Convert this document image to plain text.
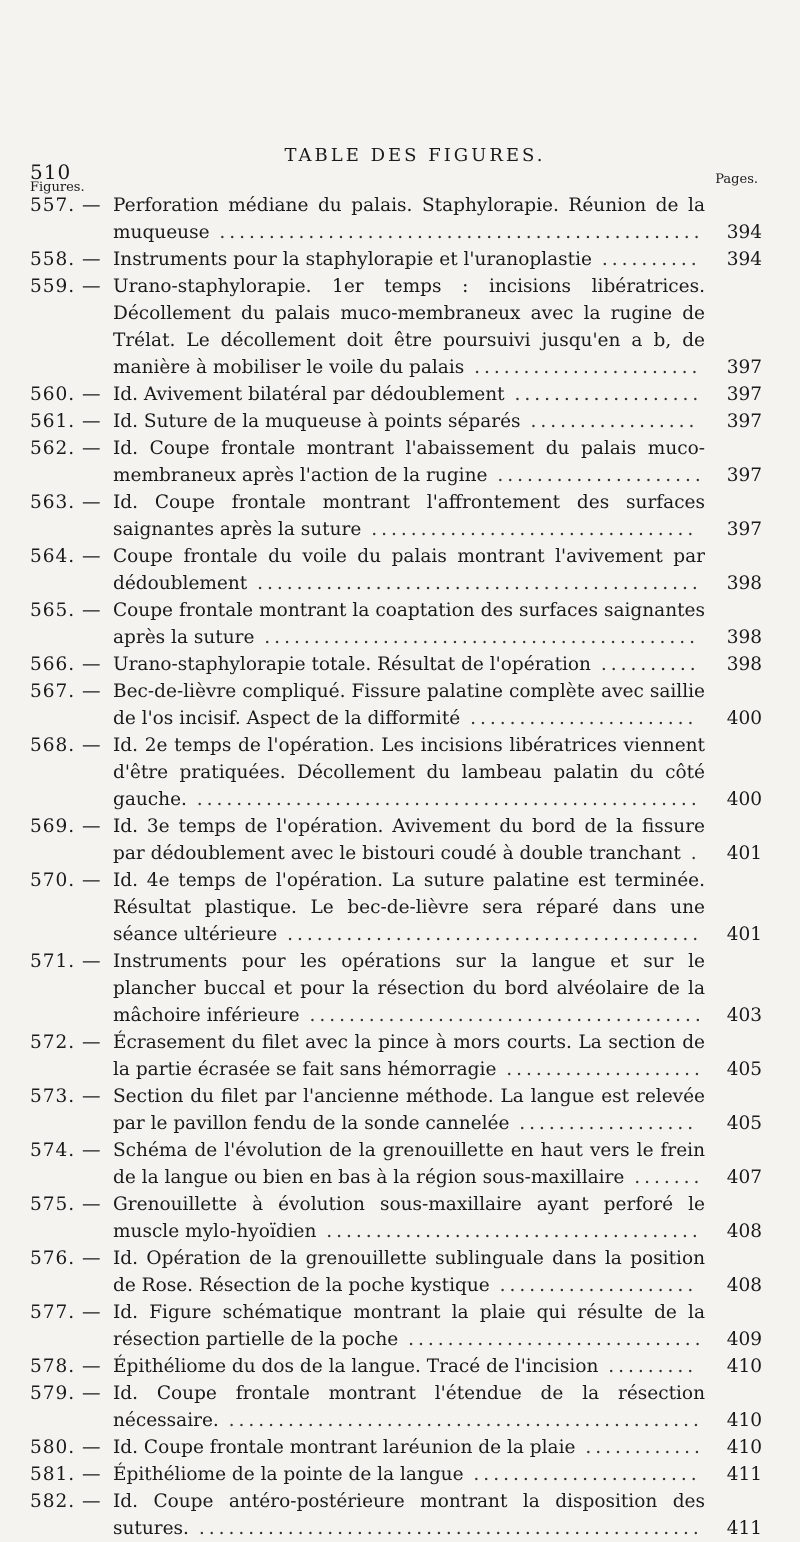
510
TABLE DES FIGURES.
Figures.
Pages.
557. — Perforation médiane du palais. Staphylorapie. Réunion de la muqueuse .................................................	394
558. — Instruments pour la staphylorapie et l'uranoplastie ..........	394
559. — Urano-staphylorapie. 1er temps : incisions libératrices. Décollement du palais muco-membraneux avec la rugine de Trélat. Le décollement doit être poursuivi jusqu'en a b, de manière à mobiliser le voile du palais .......................	397
560. — Id. Avivement bilatéral par dédoublement ...................	397
561. — Id. Suture de la muqueuse à points séparés .................	397
562. — Id. Coupe frontale montrant l'abaissement du palais muco-membraneux après l'action de la rugine .....................	397
563. — Id. Coupe frontale montrant l'affrontement des surfaces saignantes après la suture .................................	397
564. — Coupe frontale du voile du palais montrant l'avivement par dédoublement .............................................	398
565. — Coupe frontale montrant la coaptation des surfaces saignantes après la suture ............................................	398
566. — Urano-staphylorapie totale. Résultat de l'opération ..........	398
567. — Bec-de-lièvre compliqué. Fissure palatine complète avec saillie de l'os incisif. Aspect de la difformité .......................	400
568. — Id. 2e temps de l'opération. Les incisions libératrices viennent d'être pratiquées. Décollement du lambeau palatin du côté gauche. ...................................................	400
569. — Id. 3e temps de l'opération. Avivement du bord de la fissure par dédoublement avec le bistouri coudé à double tranchant .	401
570. — Id. 4e temps de l'opération. La suture palatine est terminée. Résultat plastique. Le bec-de-lièvre sera réparé dans une séance ultérieure ..........................................	401
571. — Instruments pour les opérations sur la langue et sur le plancher buccal et pour la résection du bord alvéolaire de la mâchoire inférieure ........................................	403
572. — Écrasement du filet avec la pince à mors courts. La section de la partie écrasée se fait sans hémorragie ....................	405
573. — Section du filet par l'ancienne méthode. La langue est relevée par le pavillon fendu de la sonde cannelée ..................	405
574. — Schéma de l'évolution de la grenouillette en haut vers le frein de la langue ou bien en bas à la région sous-maxillaire .......	407
575. — Grenouillette à évolution sous-maxillaire ayant perforé le muscle mylo-hyoïdien ......................................	408
576. — Id. Opération de la grenouillette sublinguale dans la position de Rose. Résection de la poche kystique ....................	408
577. — Id. Figure schématique montrant la plaie qui résulte de la résection partielle de la poche ..............................	409
578. — Épithéliome du dos de la langue. Tracé de l'incision .........	410
579. — Id. Coupe frontale montrant l'étendue de la résection nécessaire. ................................................	410
580. — Id. Coupe frontale montrant laréunion de la plaie ............	410
581. — Épithéliome de la pointe de la langue .......................	411
582. — Id. Coupe antéro-postérieure montrant la disposition des sutures. ...................................................	411
